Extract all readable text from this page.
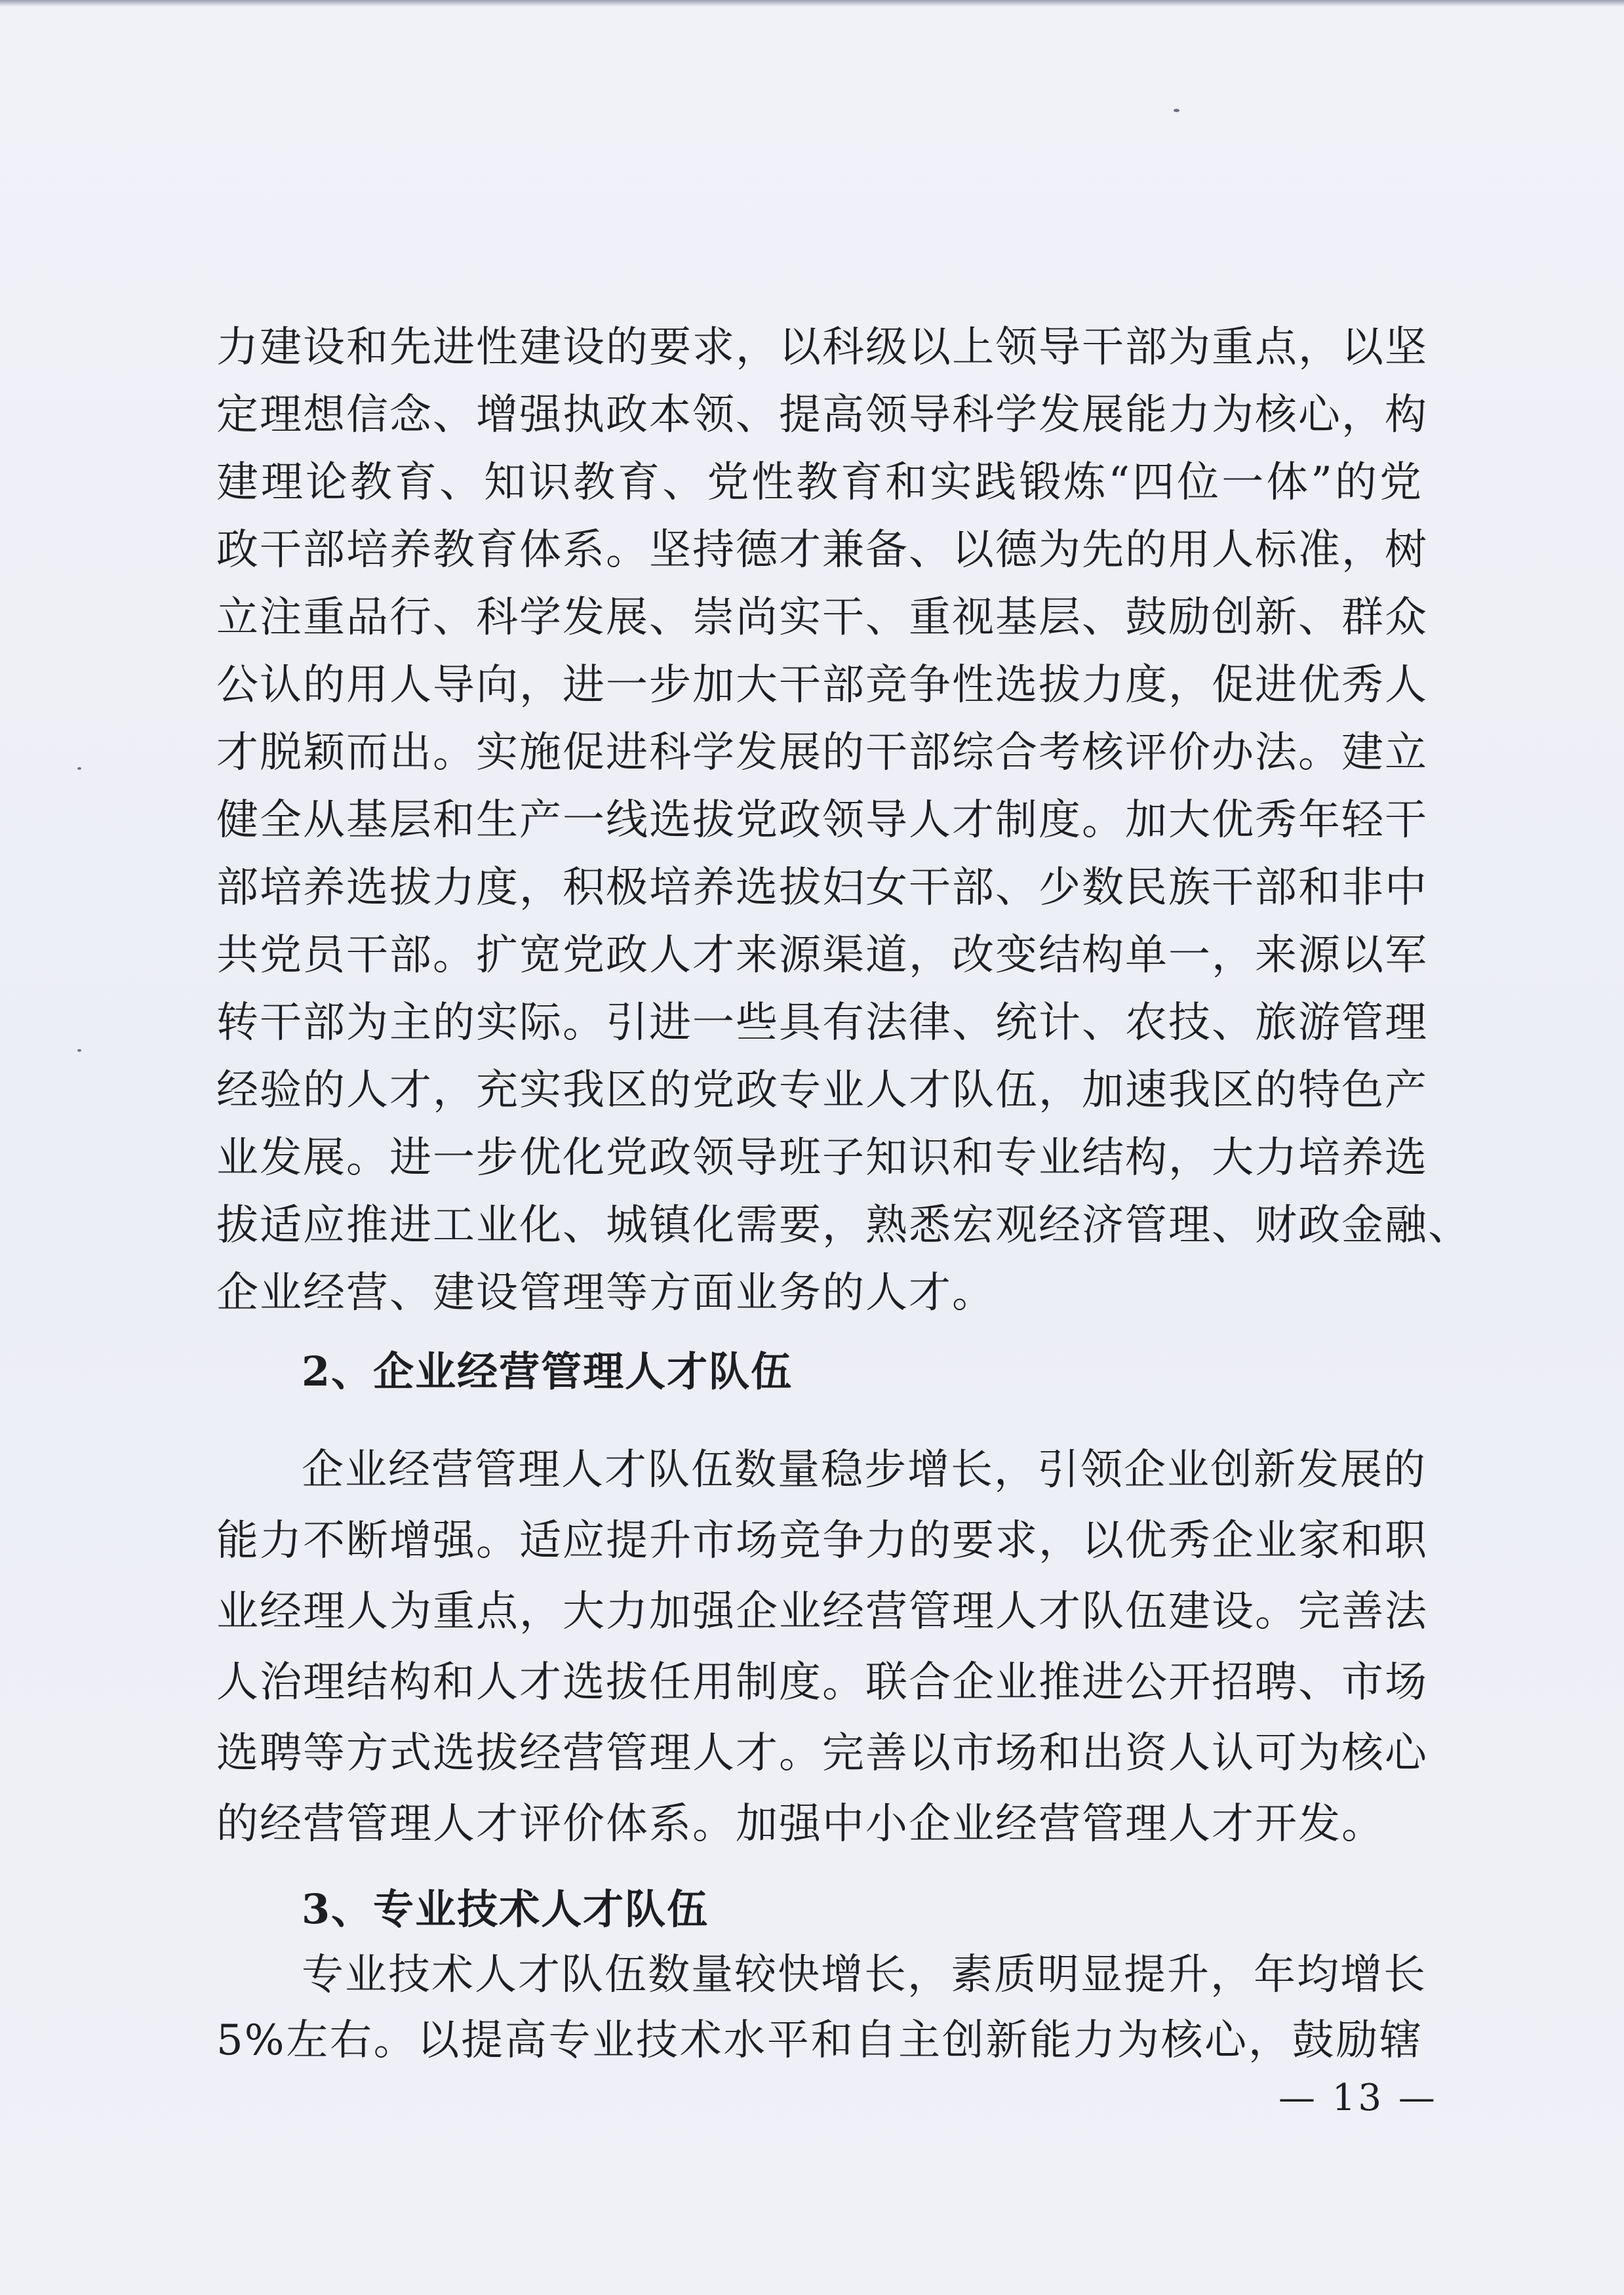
力建设和先进性建设的要求，以科级以上领导干部为重点，以坚
定理想信念、增强执政本领、提高领导科学发展能力为核心，构
建理论教育、知识教育、党性教育和实践锻炼“四位一体”的党
政干部培养教育体系。坚持德才兼备、以德为先的用人标准，树
立注重品行、科学发展、崇尚实干、重视基层、鼓励创新、群众
公认的用人导向，进一步加大干部竞争性选拔力度，促进优秀人
才脱颖而出。实施促进科学发展的干部综合考核评价办法。建立
健全从基层和生产一线选拔党政领导人才制度。加大优秀年轻干
部培养选拔力度，积极培养选拔妇女干部、少数民族干部和非中
共党员干部。扩宽党政人才来源渠道，改变结构单一，来源以军
转干部为主的实际。引进一些具有法律、统计、农技、旅游管理
经验的人才，充实我区的党政专业人才队伍，加速我区的特色产
业发展。进一步优化党政领导班子知识和专业结构，大力培养选
拔适应推进工业化、城镇化需要，熟悉宏观经济管理、财政金融、
企业经营、建设管理等方面业务的人才。
2、企业经营管理人才队伍
企业经营管理人才队伍数量稳步增长，引领企业创新发展的
能力不断增强。适应提升市场竞争力的要求，以优秀企业家和职
业经理人为重点，大力加强企业经营管理人才队伍建设。完善法
人治理结构和人才选拔任用制度。联合企业推进公开招聘、市场
选聘等方式选拔经营管理人才。完善以市场和出资人认可为核心
的经营管理人才评价体系。加强中小企业经营管理人才开发。
3、专业技术人才队伍
专业技术人才队伍数量较快增长，素质明显提升，年均增长
5%左右。以提高专业技术水平和自主创新能力为核心，鼓励辖
— 13 —
